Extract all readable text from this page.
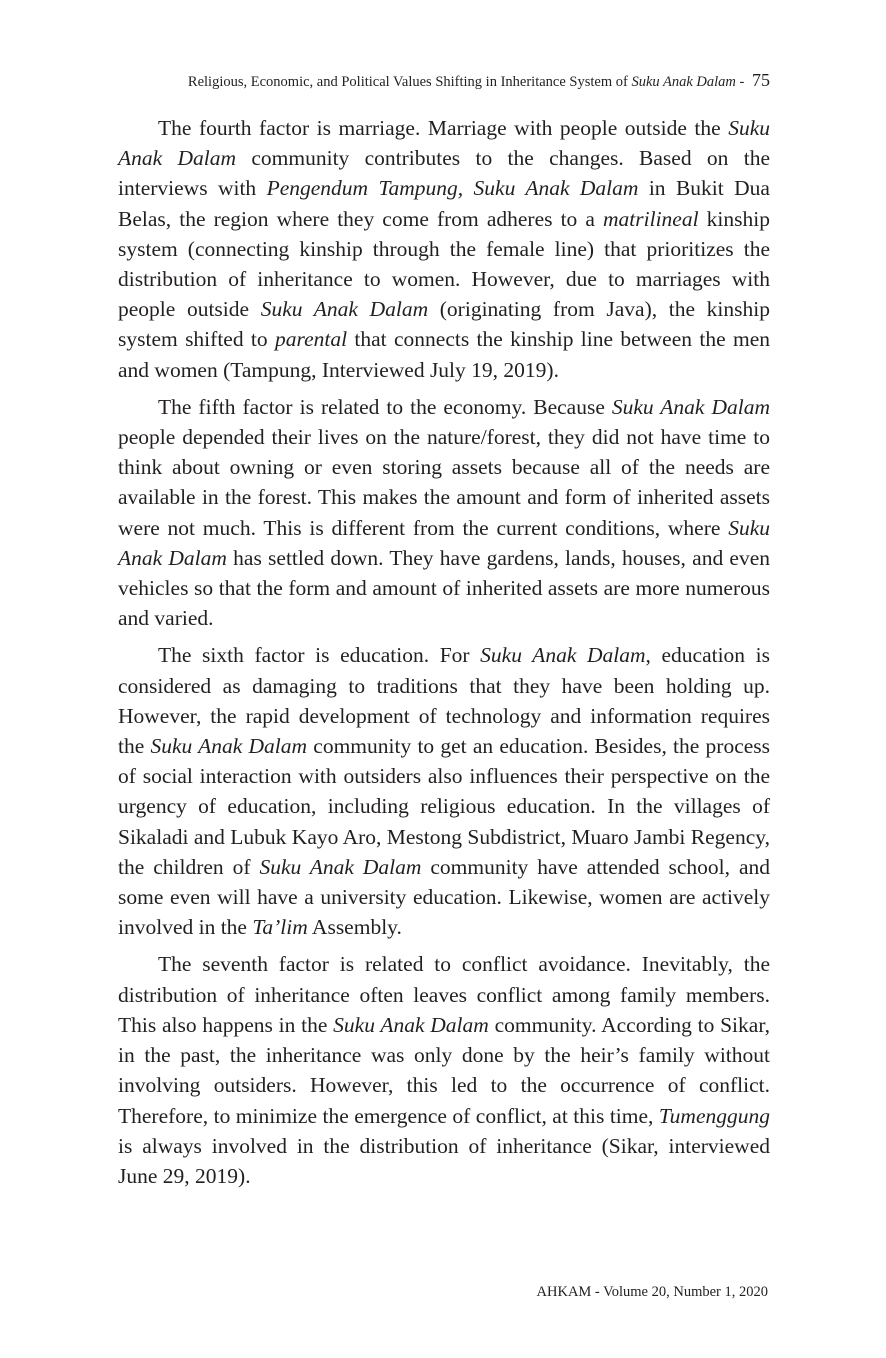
Religious, Economic, and Political Values Shifting in Inheritance System of Suku Anak Dalam - 75

The fourth factor is marriage. Marriage with people outside the Suku Anak Dalam community contributes to the changes. Based on the interviews with Pengendum Tampung, Suku Anak Dalam in Bukit Dua Belas, the region where they come from adheres to a matrilineal kinship system (connecting kinship through the female line) that prioritizes the distribution of inheritance to women. However, due to marriages with people outside Suku Anak Dalam (originating from Java), the kinship system shifted to parental that connects the kinship line between the men and women (Tampung, Interviewed July 19, 2019).

The fifth factor is related to the economy. Because Suku Anak Dalam people depended their lives on the nature/forest, they did not have time to think about owning or even storing assets because all of the needs are available in the forest. This makes the amount and form of inherited assets were not much. This is different from the current conditions, where Suku Anak Dalam has settled down. They have gardens, lands, houses, and even vehicles so that the form and amount of inherited assets are more numerous and varied.

The sixth factor is education. For Suku Anak Dalam, education is considered as damaging to traditions that they have been holding up. However, the rapid development of technology and information requires the Suku Anak Dalam community to get an education. Besides, the process of social interaction with outsiders also influences their perspective on the urgency of education, including religious education. In the villages of Sikaladi and Lubuk Kayo Aro, Mestong Subdistrict, Muaro Jambi Regency, the children of Suku Anak Dalam community have attended school, and some even will have a university education. Likewise, women are actively involved in the Ta’lim Assembly.

The seventh factor is related to conflict avoidance. Inevitably, the distribution of inheritance often leaves conflict among family members. This also happens in the Suku Anak Dalam community. According to Sikar, in the past, the inheritance was only done by the heir’s family without involving outsiders. However, this led to the occurrence of conflict. Therefore, to minimize the emergence of conflict, at this time, Tumenggung is always involved in the distribution of inheritance (Sikar, interviewed June 29, 2019).

AHKAM - Volume 20, Number 1, 2020
